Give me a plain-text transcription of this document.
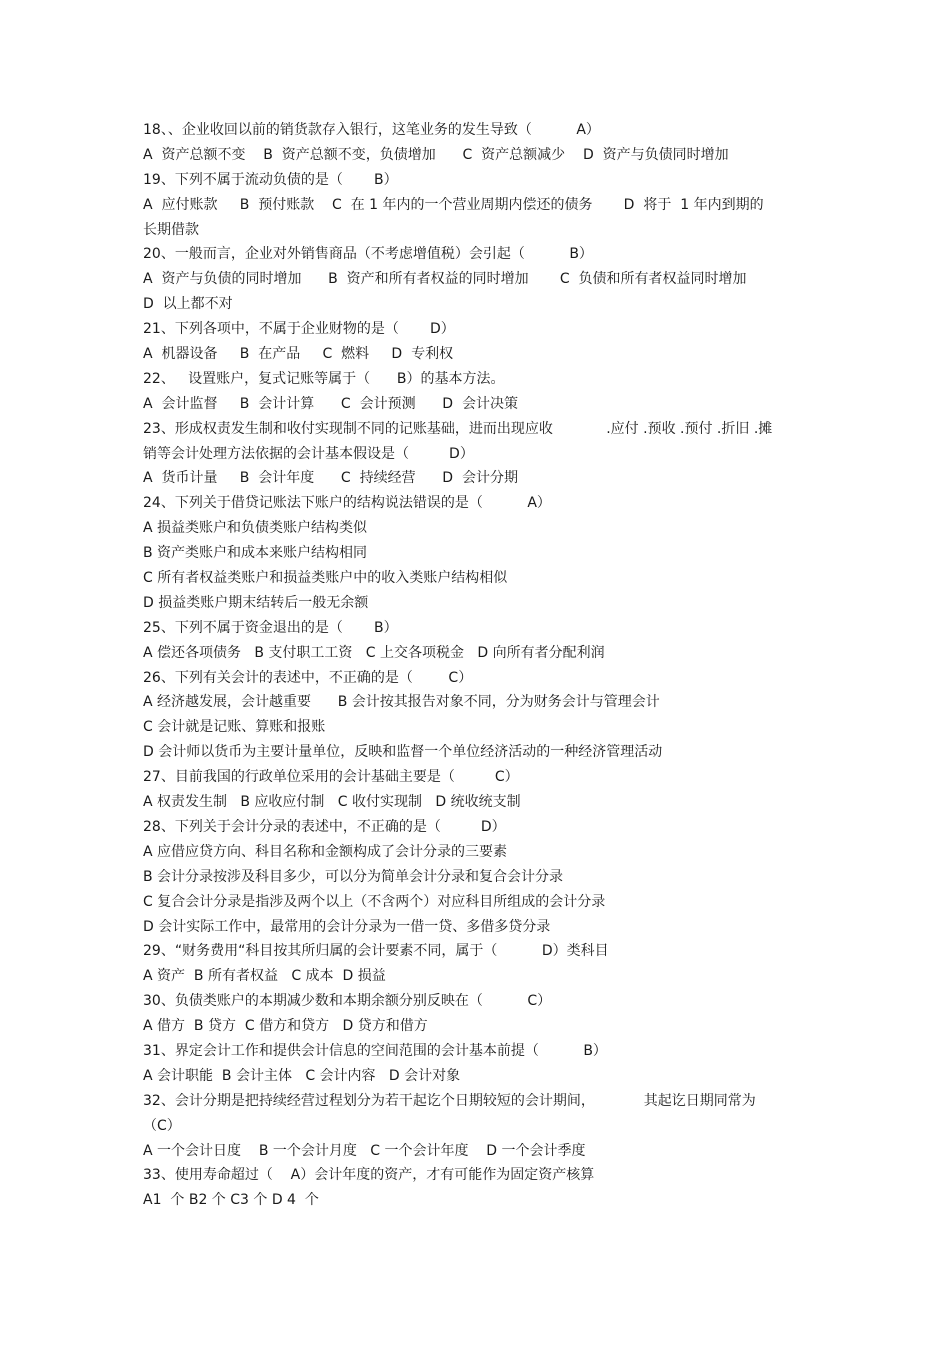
18、、企业收回以前的销货款存入银行，这笔业务的发生导致（          A）
A  资产总额不变    B  资产总额不变，负债增加      C  资产总额减少    D  资产与负债同时增加
19、下列不属于流动负债的是（       B）
A  应付账款     B  预付账款    C  在 1 年内的一个营业周期内偿还的债务       D  将于  1 年内到期的
长期借款
20、一般而言，企业对外销售商品（不考虑增值税）会引起（          B）
A  资产与负债的同时增加      B  资产和所有者权益的同时增加       C  负债和所有者权益同时增加
D  以上都不对
21、下列各项中，不属于企业财物的是（       D）
A  机器设备     B  在产品     C  燃料     D  专利权
22、   设置账户，复式记账等属于（      B）的基本方法。
A  会计监督     B  会计计算      C  会计预测      D  会计决策
23、形成权责发生制和收付实现制不同的记账基础，进而出现应收            .应付 .预收 .预付 .折旧 .摊
销等会计处理方法依据的会计基本假设是（         D）
A  货币计量     B  会计年度      C  持续经营      D  会计分期
24、下列关于借贷记账法下账户的结构说法错误的是（          A）
A 损益类账户和负债类账户结构类似
B 资产类账户和成本来账户结构相同
C 所有者权益类账户和损益类账户中的收入类账户结构相似
D 损益类账户期末结转后一般无余额
25、下列不属于资金退出的是（       B）
A 偿还各项债务   B 支付职工工资   C 上交各项税金   D 向所有者分配利润
26、下列有关会计的表述中，不正确的是（        C）
A 经济越发展，会计越重要      B 会计按其报告对象不同，分为财务会计与管理会计
C 会计就是记账、算账和报账
D 会计师以货币为主要计量单位，反映和监督一个单位经济活动的一种经济管理活动
27、目前我国的行政单位采用的会计基础主要是（         C）
A 权责发生制   B 应收应付制   C 收付实现制   D 统收统支制
28、下列关于会计分录的表述中，不正确的是（         D）
A 应借应贷方向、科目名称和金额构成了会计分录的三要素
B 会计分录按涉及科目多少，可以分为简单会计分录和复合会计分录
C 复合会计分录是指涉及两个以上（不含两个）对应科目所组成的会计分录
D 会计实际工作中，最常用的会计分录为一借一贷、多借多贷分录
29、“财务费用“科目按其所归属的会计要素不同，属于（          D）类科目
A 资产  B 所有者权益   C 成本  D 损益
30、负债类账户的本期减少数和本期余额分别反映在（          C）
A 借方  B 贷方  C 借方和贷方   D 贷方和借方
31、界定会计工作和提供会计信息的空间范围的会计基本前提（          B）
A 会计职能  B 会计主体   C 会计内容   D 会计对象
32、会计分期是把持续经营过程划分为若干起讫个日期较短的会计期间，           其起讫日期同常为
（C）
A 一个会计日度    B 一个会计月度   C 一个会计年度    D 一个会计季度
33、使用寿命超过（    A）会计年度的资产，才有可能作为固定资产核算
A1  个 B2 个 C3 个 D 4  个
